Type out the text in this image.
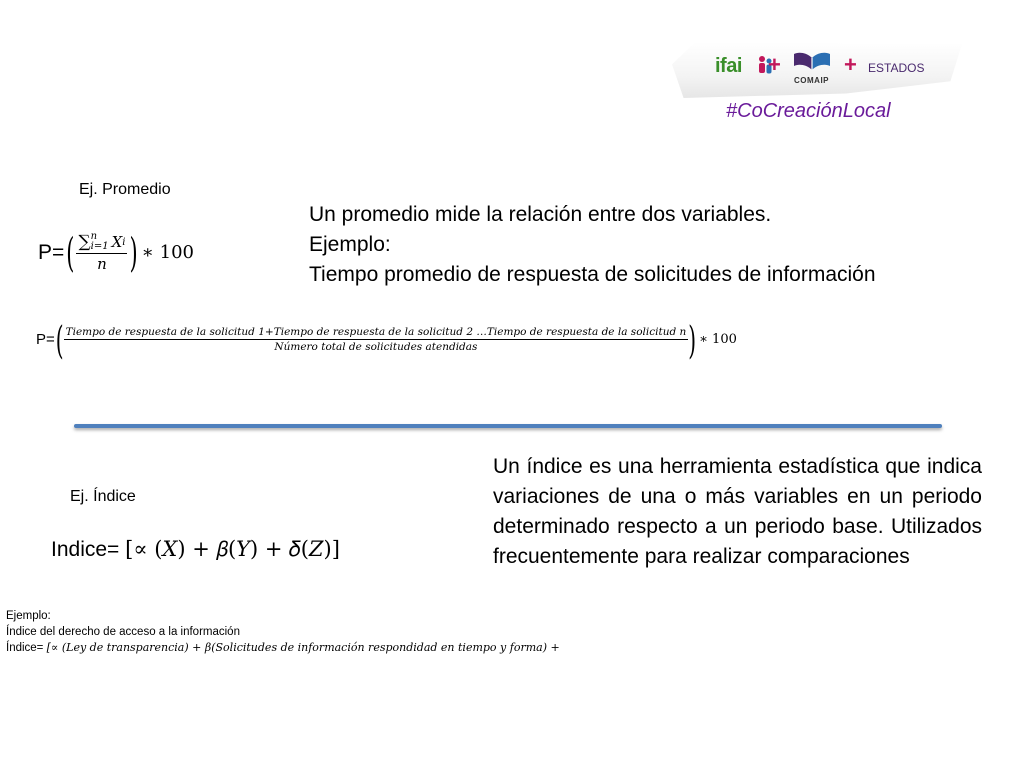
ifai +
COMAIP
+ ESTADOS
#CoCreaciónLocal
Ej. Promedio
P= ( ∑ n
i=1 X i
n ) ∗ 100
Un promedio mide la relación entre dos variables.
Ejemplo:
Tiempo promedio de respuesta de solicitudes de información
P= ( Tiempo de respuesta de la solicitud 1+Tiempo de respuesta de la solicitud 2 …Tiempo de respuesta de la solicitud n
Número total de solicitudes atendidas	) ∗ 100
Ej. Índice
Indice= [∝ (𝑋) + 𝛽(𝑌) + 𝛿(𝑍)]
Un índice es una herramienta estadística que indica variaciones de una o más variables en un periodo determinado respecto a un periodo base. Utilizados frecuentemente para realizar comparaciones
Ejemplo:
Índice del derecho de acceso a la información
Índice= [∝ (Ley de transparencia) + β(Solicitudes de información respondidad en tiempo y forma) +
